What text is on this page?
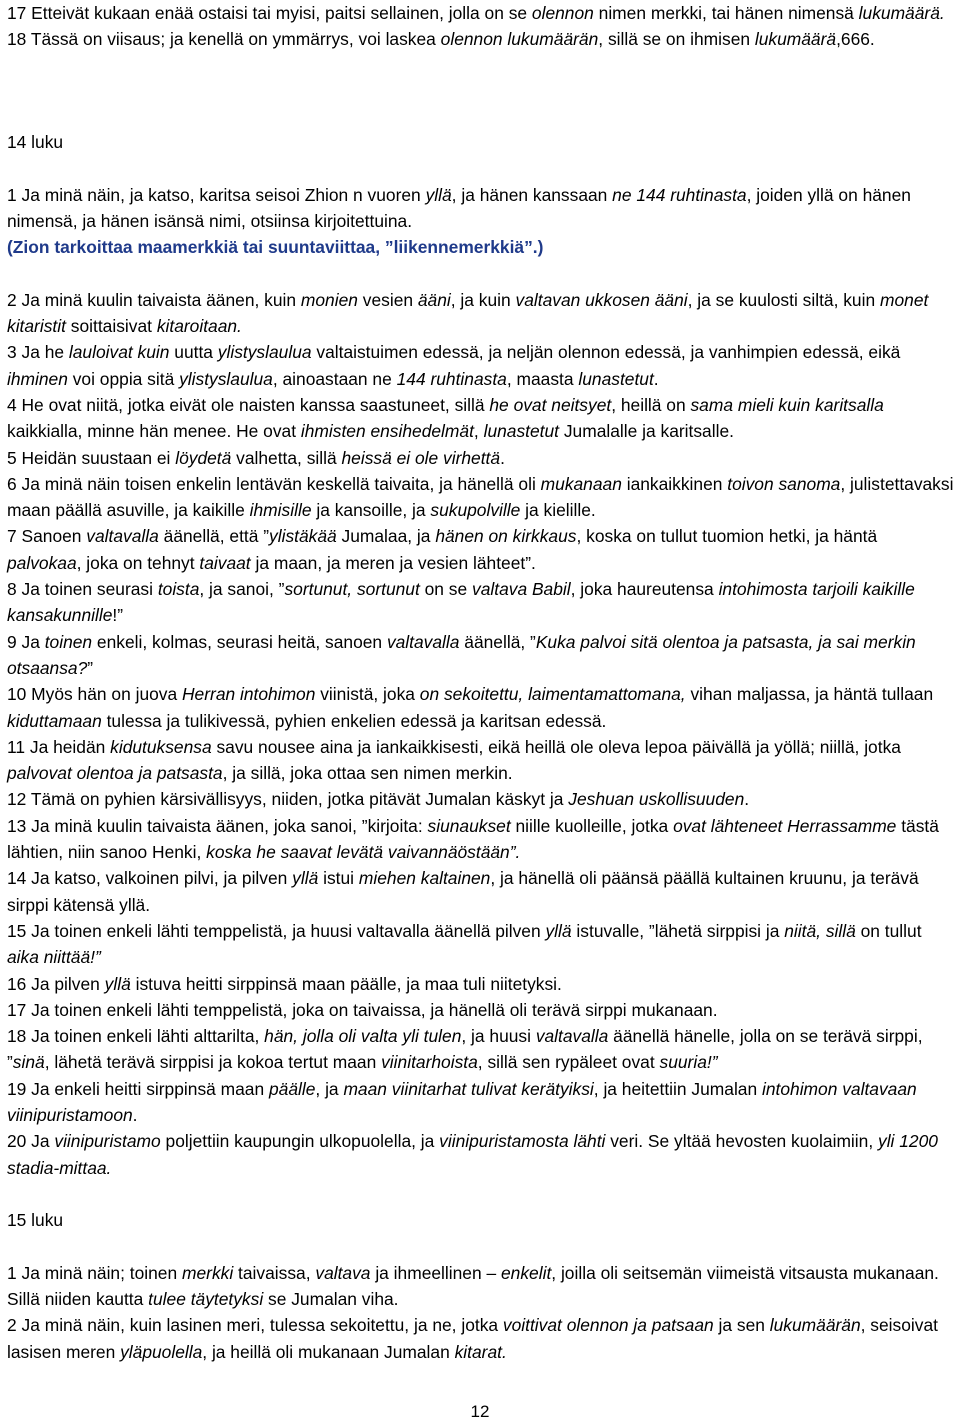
17 Etteivät kukaan enää ostaisi tai myisi, paitsi sellainen, jolla on se olennon nimen merkki, tai hänen nimensä lukumäärä.

18 Tässä on viisaus; ja kenellä on ymmärrys, voi laskea olennon lukumäärän, sillä se on ihmisen lukumäärä,666.

14 luku

1 Ja minä näin, ja katso, karitsa seisoi Zhion n vuoren yllä, ja hänen kanssaan ne 144 ruhtinasta, joiden yllä on hänen nimensä, ja hänen isänsä nimi, otsiinsa kirjoitettuina.

(Zion tarkoittaa maamerkkiä tai suuntaviittaa, ”liikennemerkkiä”.)

2 Ja minä kuulin taivaista äänen, kuin monien vesien ääni, ja kuin valtavan ukkosen ääni, ja se kuulosti siltä, kuin monet kitaristit soittaisivat kitaroitaan.

3 Ja he lauloivat kuin uutta ylistyslaulua valtaistuimen edessä, ja neljän olennon edessä, ja vanhimpien edessä, eikä ihminen voi oppia sitä ylistyslaulua, ainoastaan ne 144 ruhtinasta, maasta lunastetut.

4 He ovat niitä, jotka eivät ole naisten kanssa saastuneet, sillä he ovat neitsyet, heillä on sama mieli kuin karitsalla kaikkialla, minne hän menee. He ovat ihmisten ensihedelmät, lunastetut Jumalalle ja karitsalle.

5 Heidän suustaan ei löydetä valhetta, sillä heissä ei ole virhettä.

6 Ja minä näin toisen enkelin lentävän keskellä taivaita, ja hänellä oli mukanaan iankaikkinen toivon sanoma, julistettavaksi maan päällä asuville, ja kaikille ihmisille ja kansoille, ja sukupolville ja kielille.

7 Sanoen valtavalla äänellä, että ”ylistäkää Jumalaa, ja hänen on kirkkaus, koska on tullut tuomion hetki, ja häntä palvokaa, joka on tehnyt taivaat ja maan, ja meren ja vesien lähteet”.

8 Ja toinen seurasi toista, ja sanoi, ”sortunut, sortunut on se valtava Babil, joka haureutensa intohimosta tarjoili kaikille kansakunnille!”

9 Ja toinen enkeli, kolmas, seurasi heitä, sanoen valtavalla äänellä, ”Kuka palvoi sitä olentoa ja patsasta, ja sai merkin otsaansa?”

10 Myös hän on juova Herran intohimon viinistä, joka on sekoitettu, laimentamattomana, vihan maljassa, ja häntä tullaan kiduttamaan tulessa ja tulikivessä, pyhien enkelien edessä ja karitsan edessä.

11 Ja heidän kidutuksensa savu nousee aina ja iankaikkisesti, eikä heillä ole oleva lepoa päivällä ja yöllä; niillä, jotka palvovat olentoa ja patsasta, ja sillä, joka ottaa sen nimen merkin.

12 Tämä on pyhien kärsivällisyys, niiden, jotka pitävät Jumalan käskyt ja Jeshuan uskollisuuden.

13 Ja minä kuulin taivaista äänen, joka sanoi, ”kirjoita: siunaukset niille kuolleille, jotka ovat lähteneet Herrassamme tästä lähtien, niin sanoo Henki, koska he saavat levätä vaivannäöstään”.

14 Ja katso, valkoinen pilvi, ja pilven yllä istui miehen kaltainen, ja hänellä oli päänsä päällä kultainen kruunu, ja terävä sirppi kätensä yllä.

15 Ja toinen enkeli lähti temppelistä, ja huusi valtavalla äänellä pilven yllä istuvalle, ”lähetä sirppisi ja niitä, sillä on tullut aika niittää!”

16 Ja pilven yllä istuva heitti sirppinsä maan päälle, ja maa tuli niitetyksi.

17 Ja toinen enkeli lähti temppelistä, joka on taivaissa, ja hänellä oli terävä sirppi mukanaan.

18 Ja toinen enkeli lähti alttarilta, hän, jolla oli valta yli tulen, ja huusi valtavalla äänellä hänelle, jolla on se terävä sirppi, ”sinä, lähetä terävä sirppisi ja kokoa tertut maan viinitarhoista, sillä sen rypäleet ovat suuria!”

19 Ja enkeli heitti sirppinsä maan päälle, ja maan viinitarhat tulivat kerätyiksi, ja heitettiin Jumalan intohimon valtavaan viinipuristamoon.

20 Ja viinipuristamo poljettiin kaupungin ulkopuolella, ja viinipuristamosta lähti veri. Se yltää hevosten kuolaimiin, yli 1200 stadia-mittaa.

15 luku

1 Ja minä näin; toinen merkki taivaissa, valtava ja ihmeellinen – enkelit, joilla oli seitsemän viimeistä vitsausta mukanaan. Sillä niiden kautta tulee täytetyksi se Jumalan viha.

2 Ja minä näin, kuin lasinen meri, tulessa sekoitettu, ja ne, jotka voittivat olennon ja patsaan ja sen lukumäärän, seisoivat lasisen meren yläpuolella, ja heillä oli mukanaan Jumalan kitarat.

12
